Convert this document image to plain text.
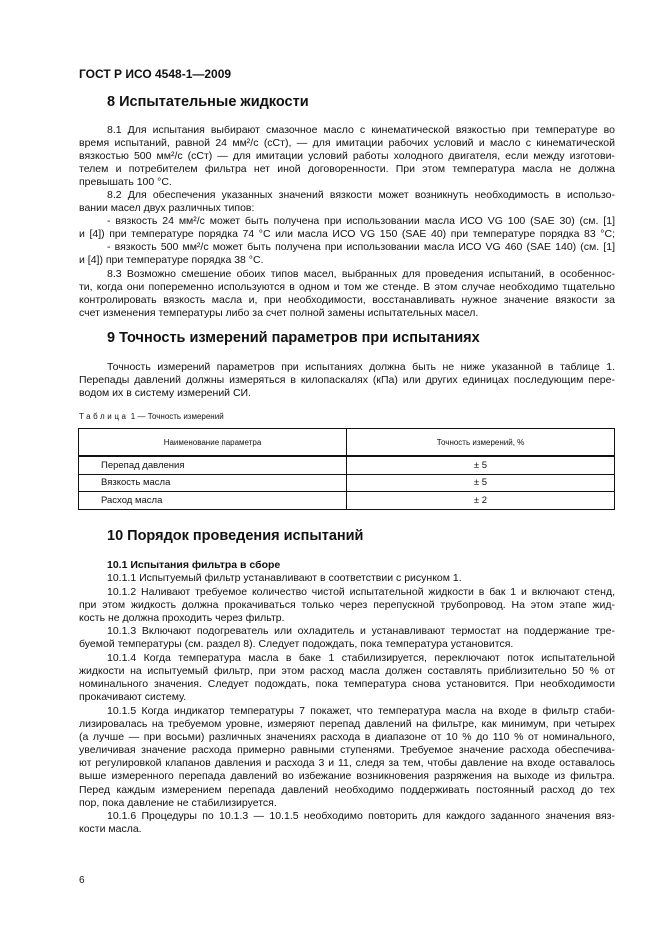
ГОСТ Р ИСО 4548-1—2009
8 Испытательные жидкости
8.1 Для испытания выбирают смазочное масло с кинематической вязкостью при температуре во
время испытаний, равной 24 мм²/с (сСт), — для имитации рабочих условий и масло с кинематической
вязкостью 500 мм²/с (сСт) — для имитации условий работы холодного двигателя, если между изготови-
телем и потребителем фильтра нет иной договоренности. При этом температура масла не должна
превышать 100 °С.
8.2 Для обеспечения указанных значений вязкости может возникнуть необходимость в использо-
вании масел двух различных типов:
- вязкость 24 мм²/с может быть получена при использовании масла ИСО VG 100 (SAE 30) (см. [1]
и [4]) при температуре порядка 74 °С или масла ИСО VG 150 (SAE 40) при температуре порядка 83 °С;
- вязкость 500 мм²/с может быть получена при использовании масла ИСО VG 460 (SAE 140) (см. [1]
и [4]) при температуре порядка 38 °С.
8.3 Возможно смешение обоих типов масел, выбранных для проведения испытаний, в особеннос-
ти, когда они попеременно используются в одном и том же стенде. В этом случае необходимо тщательно
контролировать вязкость масла и, при необходимости, восстанавливать нужное значение вязкости за
счет изменения температуры либо за счет полной замены испытательных масел.
9 Точность измерений параметров при испытаниях
Точность измерений параметров при испытаниях должна быть не ниже указанной в таблице 1.
Перепады давлений должны измеряться в килопаскалях (кПа) или других единицах последующим пере-
водом их в систему измерений СИ.
Таблица 1 — Точность измерений
Наименование параметра	Точность измерений, %
Перепад давления	± 5
Вязкость масла	± 5
Расход масла	± 2
10 Порядок проведения испытаний
10.1 Испытания фильтра в сборе
10.1.1 Испытуемый фильтр устанавливают в соответствии с рисунком 1.
10.1.2 Наливают требуемое количество чистой испытательной жидкости в бак 1 и включают стенд,
при этом жидкость должна прокачиваться только через перепускной трубопровод. На этом этапе жид-
кость не должна проходить через фильтр.
10.1.3 Включают подогреватель или охладитель и устанавливают термостат на поддержание тре-
буемой температуры (см. раздел 8). Следует подождать, пока температура установится.
10.1.4 Когда температура масла в баке 1 стабилизируется, переключают поток испытательной
жидкости на испытуемый фильтр, при этом расход масла должен составлять приблизительно 50 % от
номинального значения. Следует подождать, пока температура снова установится. При необходимости
прокачивают систему.
10.1.5 Когда индикатор температуры 7 покажет, что температура масла на входе в фильтр стаби-
лизировалась на требуемом уровне, измеряют перепад давлений на фильтре, как минимум, при четырех
(а лучше — при восьми) различных значениях расхода в диапазоне от 10 % до 110 % от номинального,
увеличивая значение расхода примерно равными ступенями. Требуемое значение расхода обеспечива-
ют регулировкой клапанов давления и расхода 3 и 11, следя за тем, чтобы давление на входе оставалось
выше измеренного перепада давлений во избежание возникновения разряжения на выходе из фильтра.
Перед каждым измерением перепада давлений необходимо поддерживать постоянный расход до тех
пор, пока давление не стабилизируется.
10.1.6 Процедуры по 10.1.3 — 10.1.5 необходимо повторить для каждого заданного значения вяз-
кости масла.
6
